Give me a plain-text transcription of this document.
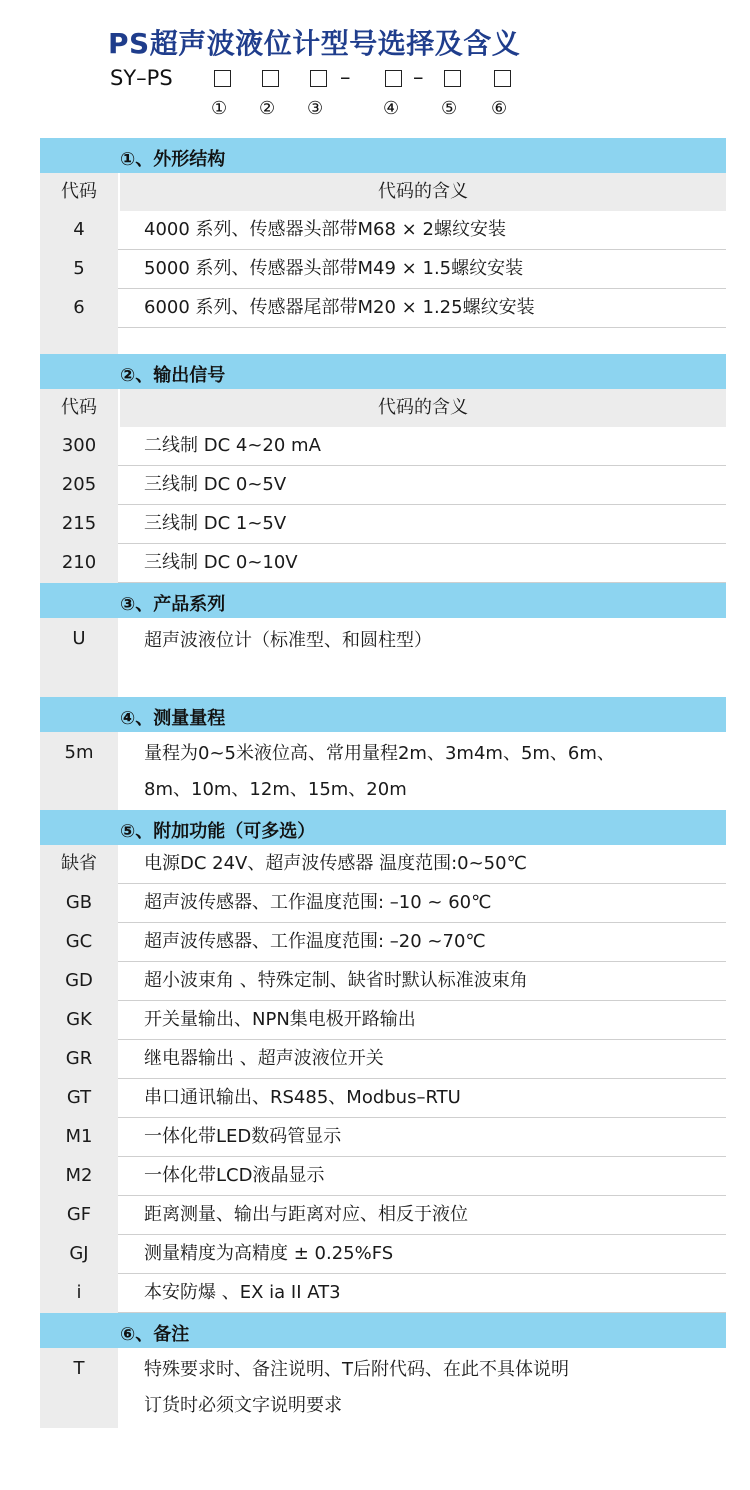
PS超声波液位计型号选择及含义
SY–PS	–	–
① ② ③	④ ⑤ ⑥
①、外形结构
代码	代码的含义
4	4000 系列、传感器头部带M68 × 2螺纹安装
5	5000 系列、传感器头部带M49 × 1.5螺纹安装
6	6000 系列、传感器尾部带M20 × 1.25螺纹安装
②、输出信号
代码	代码的含义
300	二线制 DC 4~20 mA
205	三线制 DC 0~5V
215	三线制 DC 1~5V
210	三线制 DC 0~10V
③、产品系列
U	超声波液位计（标准型、和圆柱型）
④、测量量程
5m	量程为0~5米液位高、常用量程2m、3m4m、5m、6m、
8m、10m、12m、15m、20m
⑤、附加功能（可多选）
缺省	电源DC 24V、超声波传感器 温度范围:0~50℃
GB	超声波传感器、工作温度范围: –10 ~ 60℃
GC	超声波传感器、工作温度范围: –20 ~70℃
GD	超小波束角 、特殊定制、缺省时默认标准波束角
GK	开关量输出、NPN集电极开路输出
GR	继电器输出 、超声波液位开关
GT	串口通讯输出、RS485、Modbus–RTU
M1	一体化带LED数码管显示
M2	一体化带LCD液晶显示
GF	距离测量、输出与距离对应、相反于液位
GJ	测量精度为高精度 ± 0.25%FS
i	本安防爆 、EX ia II AT3
⑥、备注
T	特殊要求时、备注说明、T后附代码、在此不具体说明
订货时必须文字说明要求
